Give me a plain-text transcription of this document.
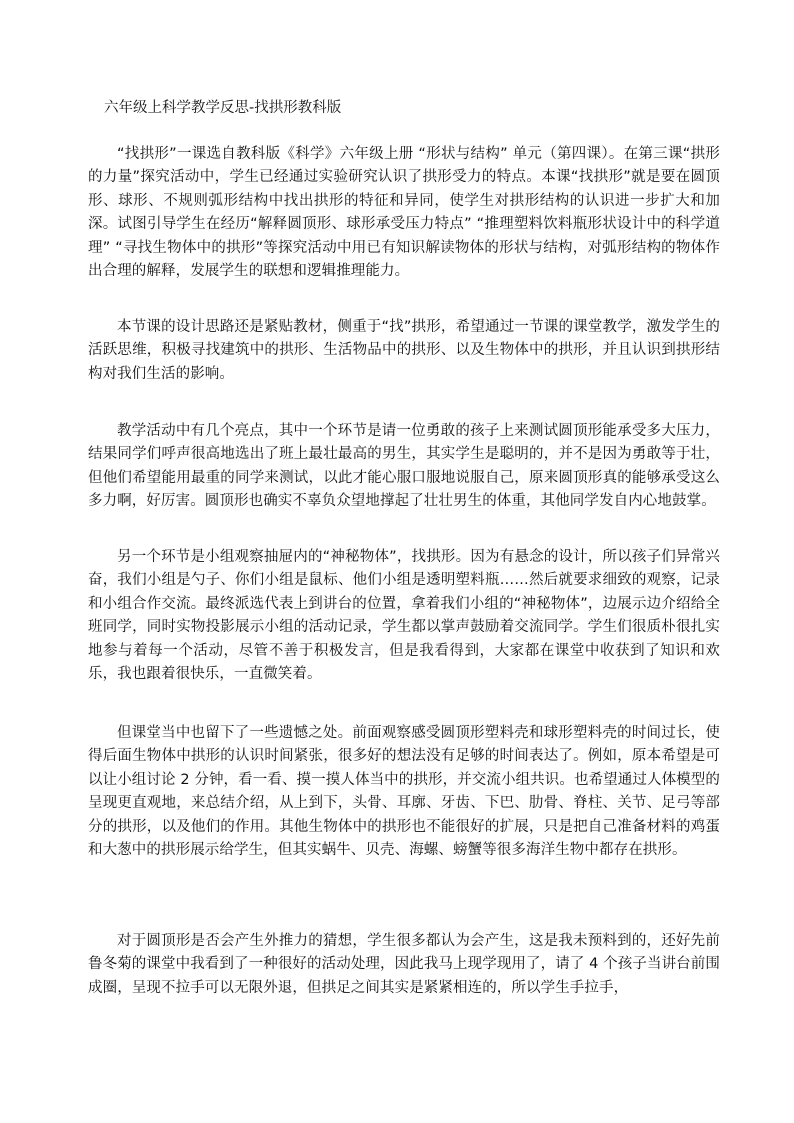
六年级上科学教学反思-找拱形教科版

“找拱形”一课选自教科版《科学》六年级上册 “形状与结构” 单元（第四课）。在第三课“拱形的力量”探究活动中，学生已经通过实验研究认识了拱形受力的特点。本课“找拱形”就是要在圆顶形、球形、不规则弧形结构中找出拱形的特征和异同，使学生对拱形结构的认识进一步扩大和加深。试图引导学生在经历“解释圆顶形、球形承受压力特点” “推理塑料饮料瓶形状设计中的科学道理” “寻找生物体中的拱形”等探究活动中用已有知识解读物体的形状与结构，对弧形结构的物体作出合理的解释，发展学生的联想和逻辑推理能力。

本节课的设计思路还是紧贴教材，侧重于“找”拱形，希望通过一节课的课堂教学，激发学生的活跃思维，积极寻找建筑中的拱形、生活物品中的拱形、以及生物体中的拱形，并且认识到拱形结构对我们生活的影响。

教学活动中有几个亮点，其中一个环节是请一位勇敢的孩子上来测试圆顶形能承受多大压力，结果同学们呼声很高地选出了班上最壮最高的男生，其实学生是聪明的，并不是因为勇敢等于壮，但他们希望能用最重的同学来测试，以此才能心服口服地说服自己，原来圆顶形真的能够承受这么多力啊，好厉害。圆顶形也确实不辜负众望地撑起了壮壮男生的体重，其他同学发自内心地鼓掌。

另一个环节是小组观察抽屉内的“神秘物体”，找拱形。因为有悬念的设计，所以孩子们异常兴奋，我们小组是勺子、你们小组是鼠标、他们小组是透明塑料瓶……然后就要求细致的观察，记录和小组合作交流。最终派选代表上到讲台的位置，拿着我们小组的“神秘物体”，边展示边介绍给全班同学，同时实物投影展示小组的活动记录，学生都以掌声鼓励着交流同学。学生们很质朴很扎实地参与着每一个活动，尽管不善于积极发言，但是我看得到，大家都在课堂中收获到了知识和欢乐，我也跟着很快乐，一直微笑着。

但课堂当中也留下了一些遗憾之处。前面观察感受圆顶形塑料壳和球形塑料壳的时间过长，使得后面生物体中拱形的认识时间紧张，很多好的想法没有足够的时间表达了。例如，原本希望是可以让小组讨论 2 分钟，看一看、摸一摸人体当中的拱形，并交流小组共识。也希望通过人体模型的呈现更直观地，来总结介绍，从上到下，头骨、耳廓、牙齿、下巴、肋骨、脊柱、关节、足弓等部分的拱形，以及他们的作用。其他生物体中的拱形也不能很好的扩展，只是把自己准备材料的鸡蛋和大葱中的拱形展示给学生，但其实蜗牛、贝壳、海螺、螃蟹等很多海洋生物中都存在拱形。

对于圆顶形是否会产生外推力的猜想，学生很多都认为会产生，这是我未预料到的，还好先前鲁冬菊的课堂中我看到了一种很好的活动处理，因此我马上现学现用了，请了 4 个孩子当讲台前围成圈，呈现不拉手可以无限外退，但拱足之间其实是紧紧相连的，所以学生手拉手，
